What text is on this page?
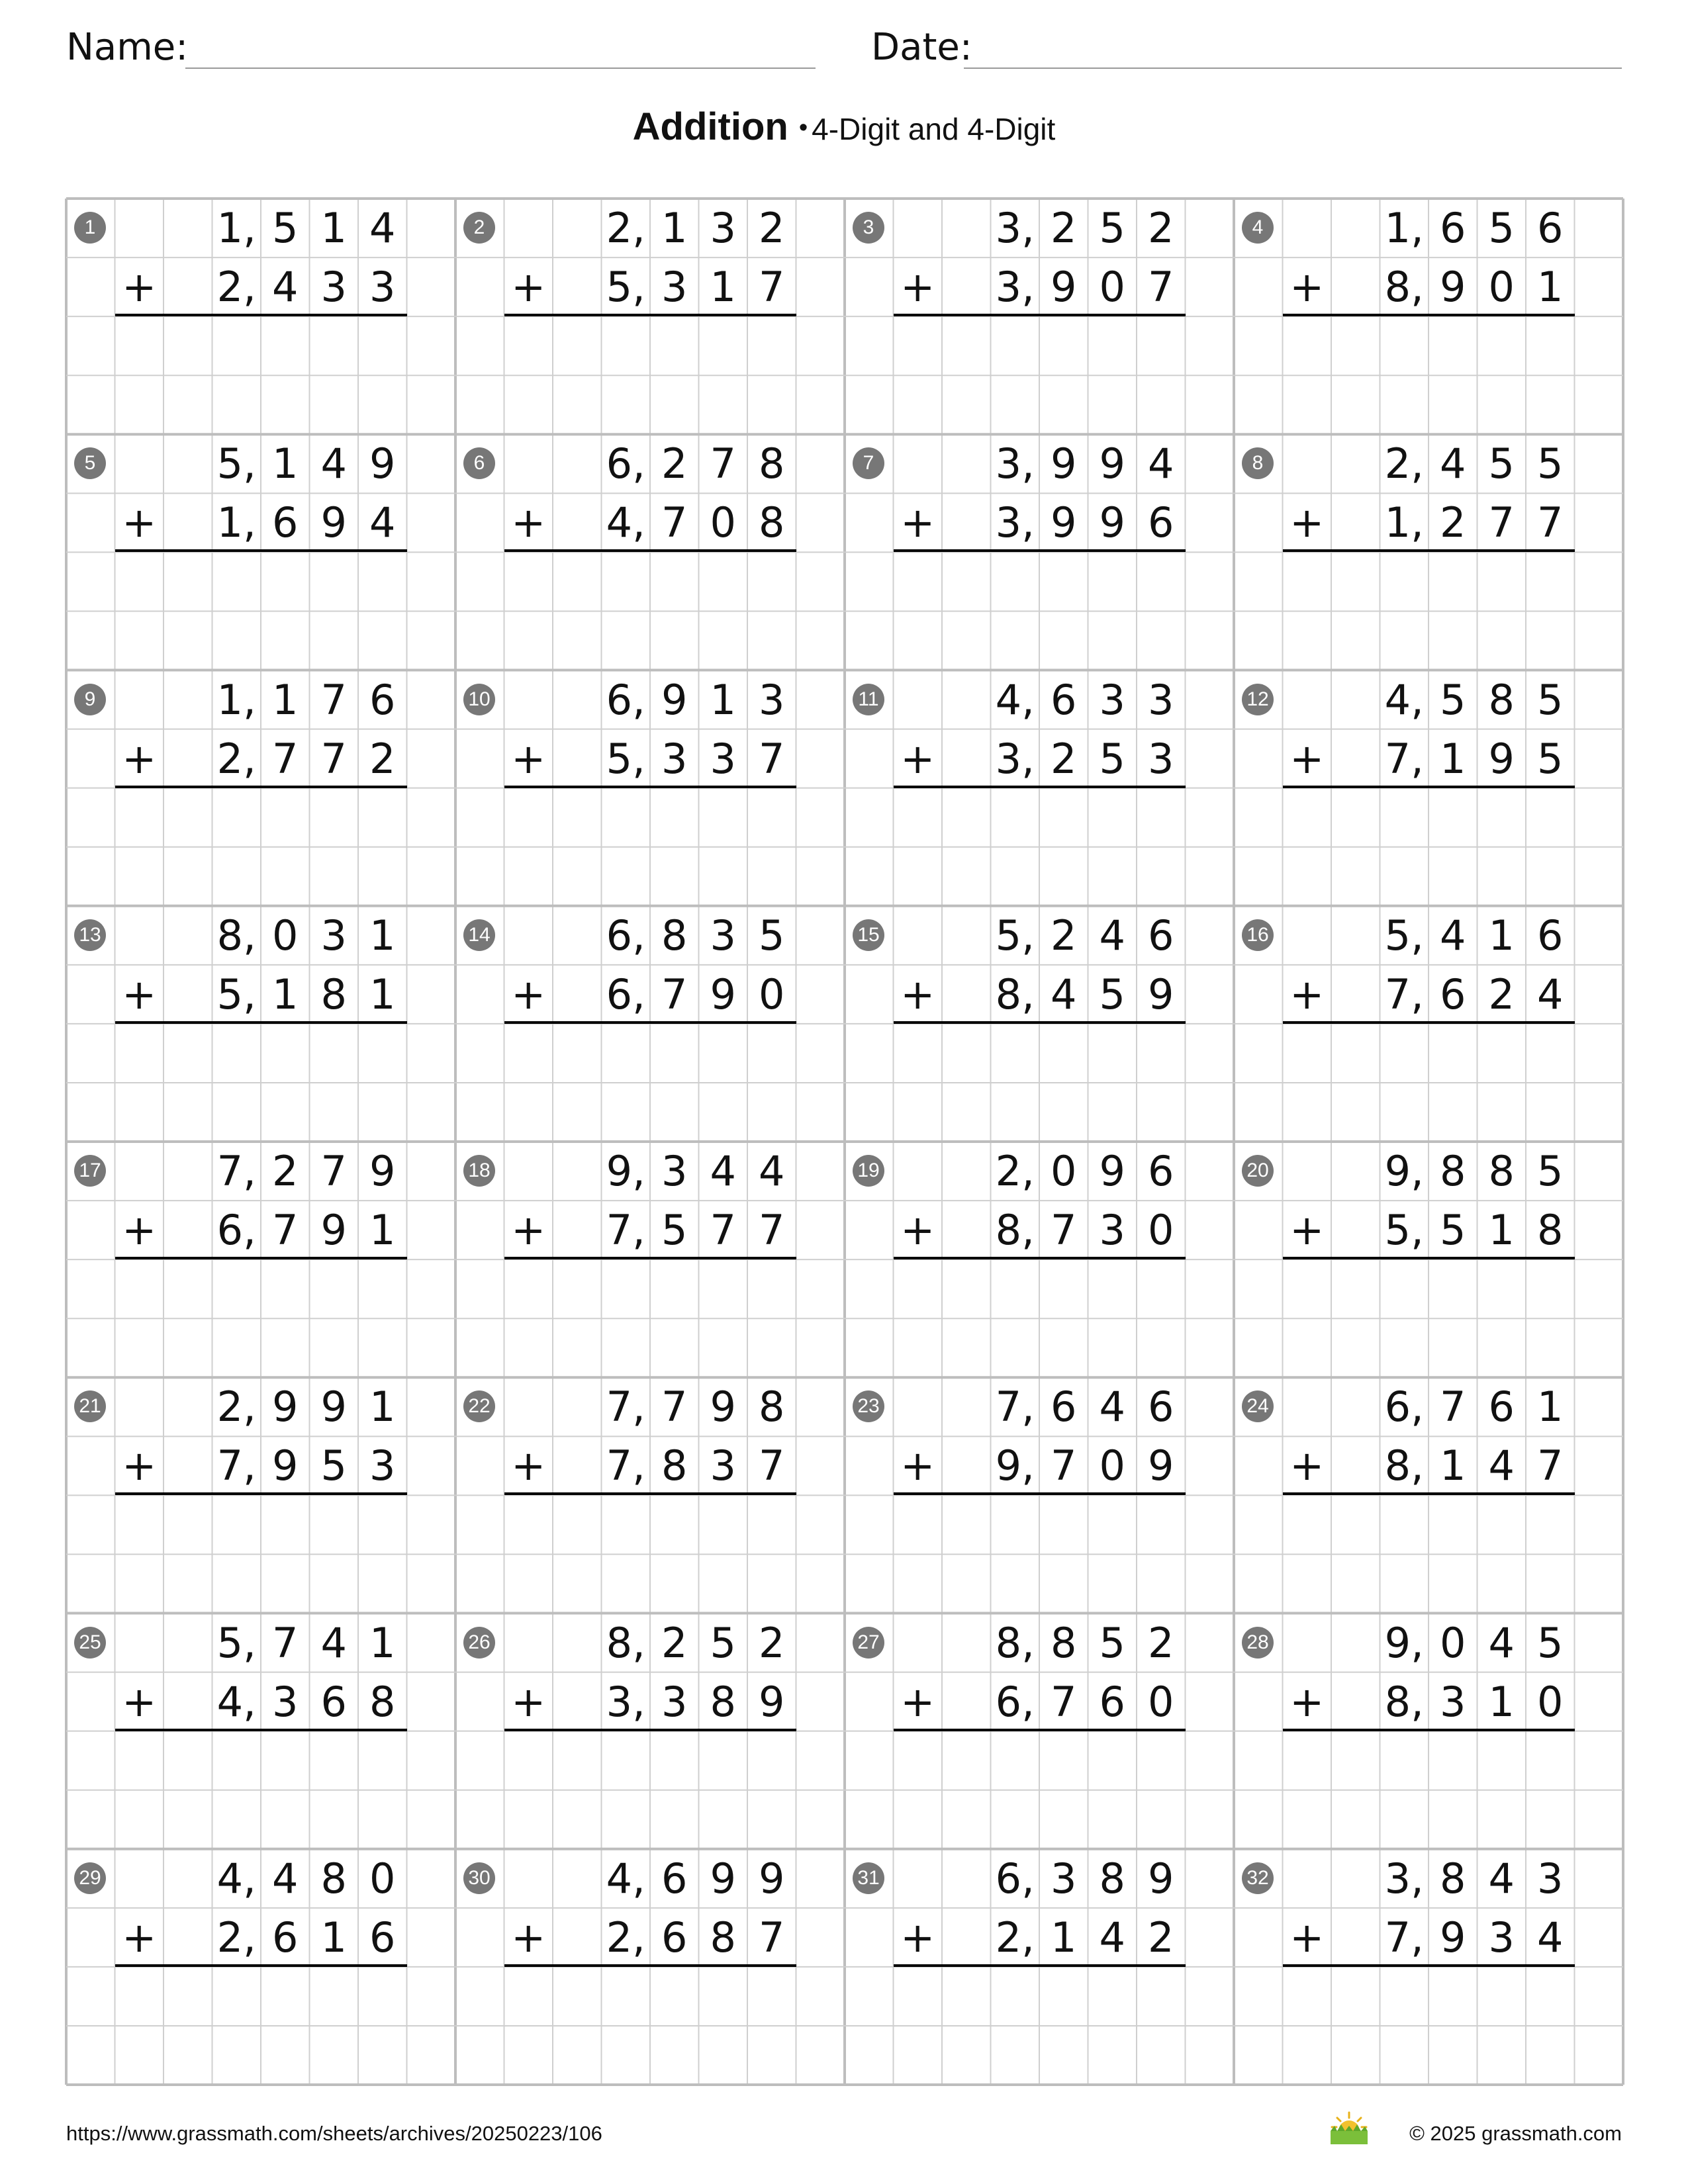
Name:	Date:
Addition • 4-Digit and 4-Digit
1	1, 5 1 4
+ 2, 4 3 3
2	2, 1 3 2
+ 5, 3 1 7
3	3, 2 5 2
+ 3, 9 0 7
4	1, 6 5 6
+ 8, 9 0 1
5	5, 1 4 9
+ 1, 6 9 4
6	6, 2 7 8
+ 4, 7 0 8
7	3, 9 9 4
+ 3, 9 9 6
8	2, 4 5 5
+ 1, 2 7 7
9	1, 1 7 6
+ 2, 7 7 2
10	6, 9 1 3
+ 5, 3 3 7
11	4, 6 3 3
+ 3, 2 5 3
12	4, 5 8 5
+ 7, 1 9 5
13	8, 0 3 1
+ 5, 1 8 1
14	6, 8 3 5
+ 6, 7 9 0
15	5, 2 4 6
+ 8, 4 5 9
16	5, 4 1 6
+ 7, 6 2 4
17	7, 2 7 9
+ 6, 7 9 1
18	9, 3 4 4
+ 7, 5 7 7
19	2, 0 9 6
+ 8, 7 3 0
20	9, 8 8 5
+ 5, 5 1 8
21	2, 9 9 1
+ 7, 9 5 3
22	7, 7 9 8
+ 7, 8 3 7
23	7, 6 4 6
+ 9, 7 0 9
24	6, 7 6 1
+ 8, 1 4 7
25	5, 7 4 1
+ 4, 3 6 8
26	8, 2 5 2
+ 3, 3 8 9
27	8, 8 5 2
+ 6, 7 6 0
28	9, 0 4 5
+ 8, 3 1 0
29	4, 4 8 0
+ 2, 6 1 6
30	4, 6 9 9
+ 2, 6 8 7
31	6, 3 8 9
+ 2, 1 4 2
32	3, 8 4 3
+ 7, 9 3 4
https://www.grassmath.com/sheets/archives/20250223/106	© 2025 grassmath.com
